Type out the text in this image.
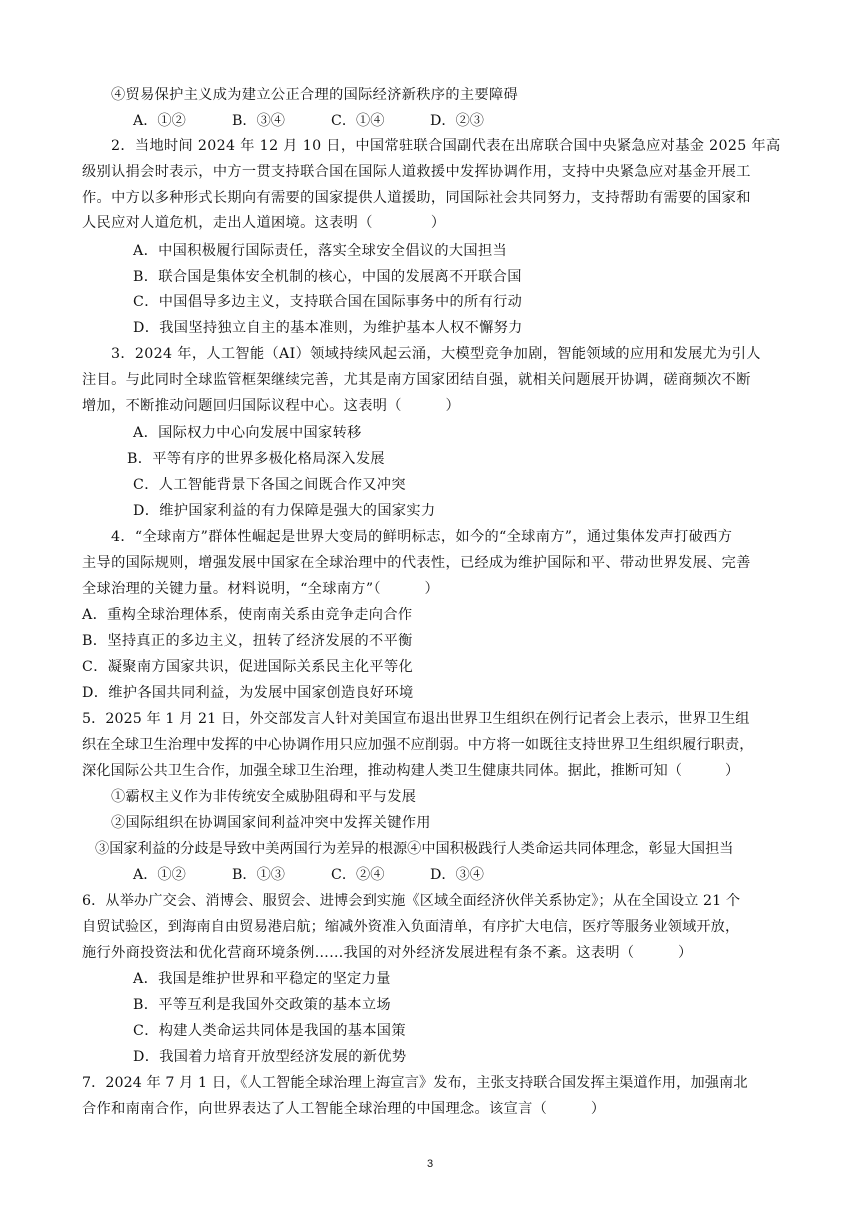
④贸易保护主义成为建立公正合理的国际经济新秩序的主要障碍
A．①②	B．③④	C．①④	D．②③
2．当地时间 2024 年 12 月 10 日，中国常驻联合国副代表在出席联合国中央紧急应对基金 2025 年高
级别认捐会时表示，中方一贯支持联合国在国际人道救援中发挥协调作用，支持中央紧急应对基金开展工
作。中方以多种形式长期向有需要的国家提供人道援助，同国际社会共同努力，支持帮助有需要的国家和
人民应对人道危机，走出人道困境。这表明（　　　　）
A．中国积极履行国际责任，落实全球安全倡议的大国担当
B．联合国是集体安全机制的核心，中国的发展离不开联合国
C．中国倡导多边主义，支持联合国在国际事务中的所有行动
D．我国坚持独立自主的基本准则，为维护基本人权不懈努力
3．2024 年，人工智能（AI）领域持续风起云涌，大模型竞争加剧，智能领域的应用和发展尤为引人
注目。与此同时全球监管框架继续完善，尤其是南方国家团结自强，就相关问题展开协调，磋商频次不断
增加，不断推动问题回归国际议程中心。这表明（　　　）
A．国际权力中心向发展中国家转移
B．平等有序的世界多极化格局深入发展
C．人工智能背景下各国之间既合作又冲突
D．维护国家利益的有力保障是强大的国家实力
4．“全球南方”群体性崛起是世界大变局的鲜明标志，如今的“全球南方”，通过集体发声打破西方
主导的国际规则，增强发展中国家在全球治理中的代表性，已经成为维护国际和平、带动世界发展、完善
全球治理的关键力量。材料说明，“全球南方”（　　　）
A．重构全球治理体系，使南南关系由竞争走向合作
B．坚持真正的多边主义，扭转了经济发展的不平衡
C．凝聚南方国家共识，促进国际关系民主化平等化
D．维护各国共同利益，为发展中国家创造良好环境
5．2025 年 1 月 21 日，外交部发言人针对美国宣布退出世界卫生组织在例行记者会上表示，世界卫生组
织在全球卫生治理中发挥的中心协调作用只应加强不应削弱。中方将一如既往支持世界卫生组织履行职责，
深化国际公共卫生合作，加强全球卫生治理，推动构建人类卫生健康共同体。据此，推断可知（　　　）
①霸权主义作为非传统安全威胁阻碍和平与发展
②国际组织在协调国家间利益冲突中发挥关键作用
③国家利益的分歧是导致中美两国行为差异的根源④中国积极践行人类命运共同体理念，彰显大国担当
A．①②	B．①③	C．②④	D．③④
6．从举办广交会、消博会、服贸会、进博会到实施《区域全面经济伙伴关系协定》；从在全国设立 21 个
自贸试验区，到海南自由贸易港启航；缩减外资准入负面清单，有序扩大电信，医疗等服务业领域开放，
施行外商投资法和优化营商环境条例……我国的对外经济发展进程有条不紊。这表明（　　　）
A．我国是维护世界和平稳定的坚定力量
B．平等互利是我国外交政策的基本立场
C．构建人类命运共同体是我国的基本国策
D．我国着力培育开放型经济发展的新优势
7．2024 年 7 月 1 日，《人工智能全球治理上海宣言》发布，主张支持联合国发挥主渠道作用，加强南北
合作和南南合作，向世界表达了人工智能全球治理的中国理念。该宣言（　　　）
3
